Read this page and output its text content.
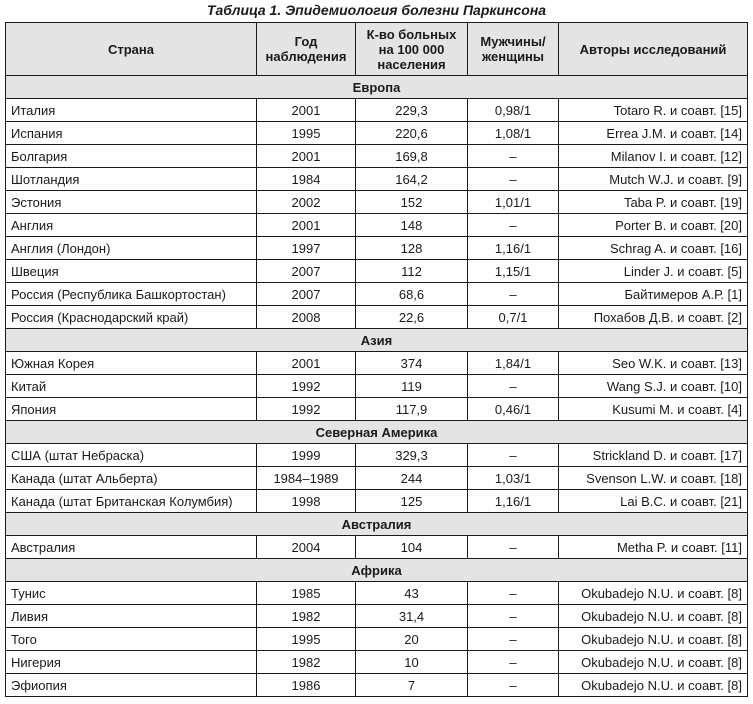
Таблица 1. Эпидемиология болезни Паркинсона
Страна	Год наблюдения	К-во больных на 100 000 населения	Мужчины/ женщины	Авторы исследований
Европа				
Италия	2001	229,3	0,98/1	Totaro R. и соавт. [15]
Испания	1995	220,6	1,08/1	Errea J.M. и соавт. [14]
Болгария	2001	169,8	–	Milanov I. и соавт. [12]
Шотландия	1984	164,2	–	Mutch W.J. и соавт. [9]
Эстония	2002	152	1,01/1	Taba P. и соавт. [19]
Англия	2001	148	–	Porter B. и соавт. [20]
Англия (Лондон)	1997	128	1,16/1	Schrag A. и соавт. [16]
Швеция	2007	112	1,15/1	Linder J. и соавт. [5]
Россия (Республика Башкортостан)	2007	68,6	–	Байтимеров А.Р. [1]
Россия (Краснодарский край)	2008	22,6	0,7/1	Похабов Д.В. и соавт. [2]
Азия				
Южная Корея	2001	374	1,84/1	Seo W.K. и соавт. [13]
Китай	1992	119	–	Wang S.J. и соавт. [10]
Япония	1992	117,9	0,46/1	Kusumi M. и соавт. [4]
Северная Америка				
США (штат Небраска)	1999	329,3	–	Strickland D. и соавт. [17]
Канада (штат Альберта)	1984–1989	244	1,03/1	Svenson L.W. и соавт. [18]
Канада (штат Британская Колумбия)	1998	125	1,16/1	Lai B.C. и соавт. [21]
Австралия				
Австралия	2004	104	–	Metha P. и соавт. [11]
Африка				
Тунис	1985	43	–	Okubadejo N.U. и соавт. [8]
Ливия	1982	31,4	–	Okubadejo N.U. и соавт. [8]
Того	1995	20	–	Okubadejo N.U. и соавт. [8]
Нигерия	1982	10	–	Okubadejo N.U. и соавт. [8]
Эфиопия	1986	7	–	Okubadejo N.U. и соавт. [8]
